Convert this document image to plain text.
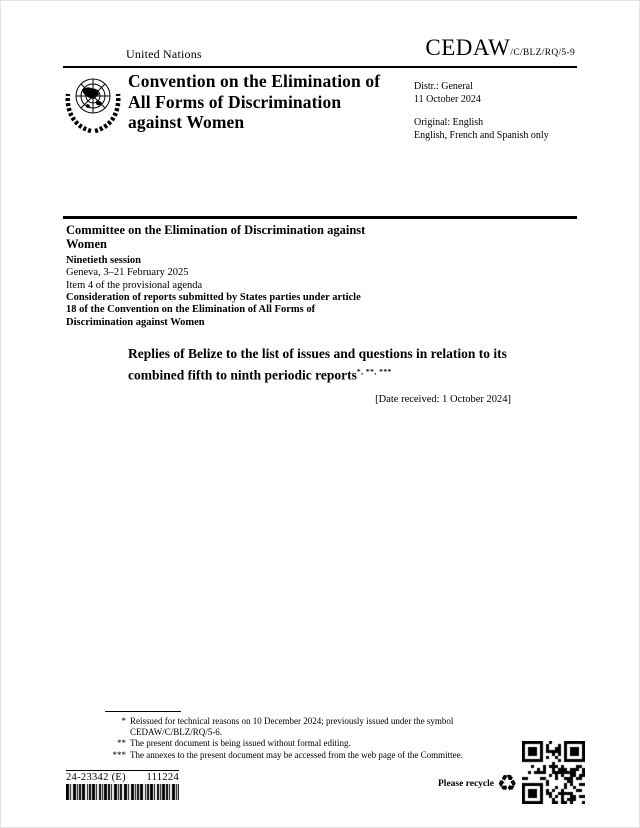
United Nations	CEDAW/C/BLZ/RQ/5-9
Convention on the Elimination of All Forms of Discrimination against Women
Distr.: General
11 October 2024
Original: English
English, French and Spanish only
Committee on the Elimination of Discrimination against Women
Ninetieth session
Geneva, 3–21 February 2025
Item 4 of the provisional agenda
Consideration of reports submitted by States parties under article 18 of the Convention on the Elimination of All Forms of Discrimination against Women
Replies of Belize to the list of issues and questions in relation to its combined fifth to ninth periodic reports*, **, ***
[Date received: 1 October 2024]
* Reissued for technical reasons on 10 December 2024; previously issued under the symbol CEDAW/C/BLZ/RQ/5-6.
** The present document is being issued without formal editing.
*** The annexes to the present document may be accessed from the web page of the Committee.
24-23342 (E) 111224
Please recycle ♻
